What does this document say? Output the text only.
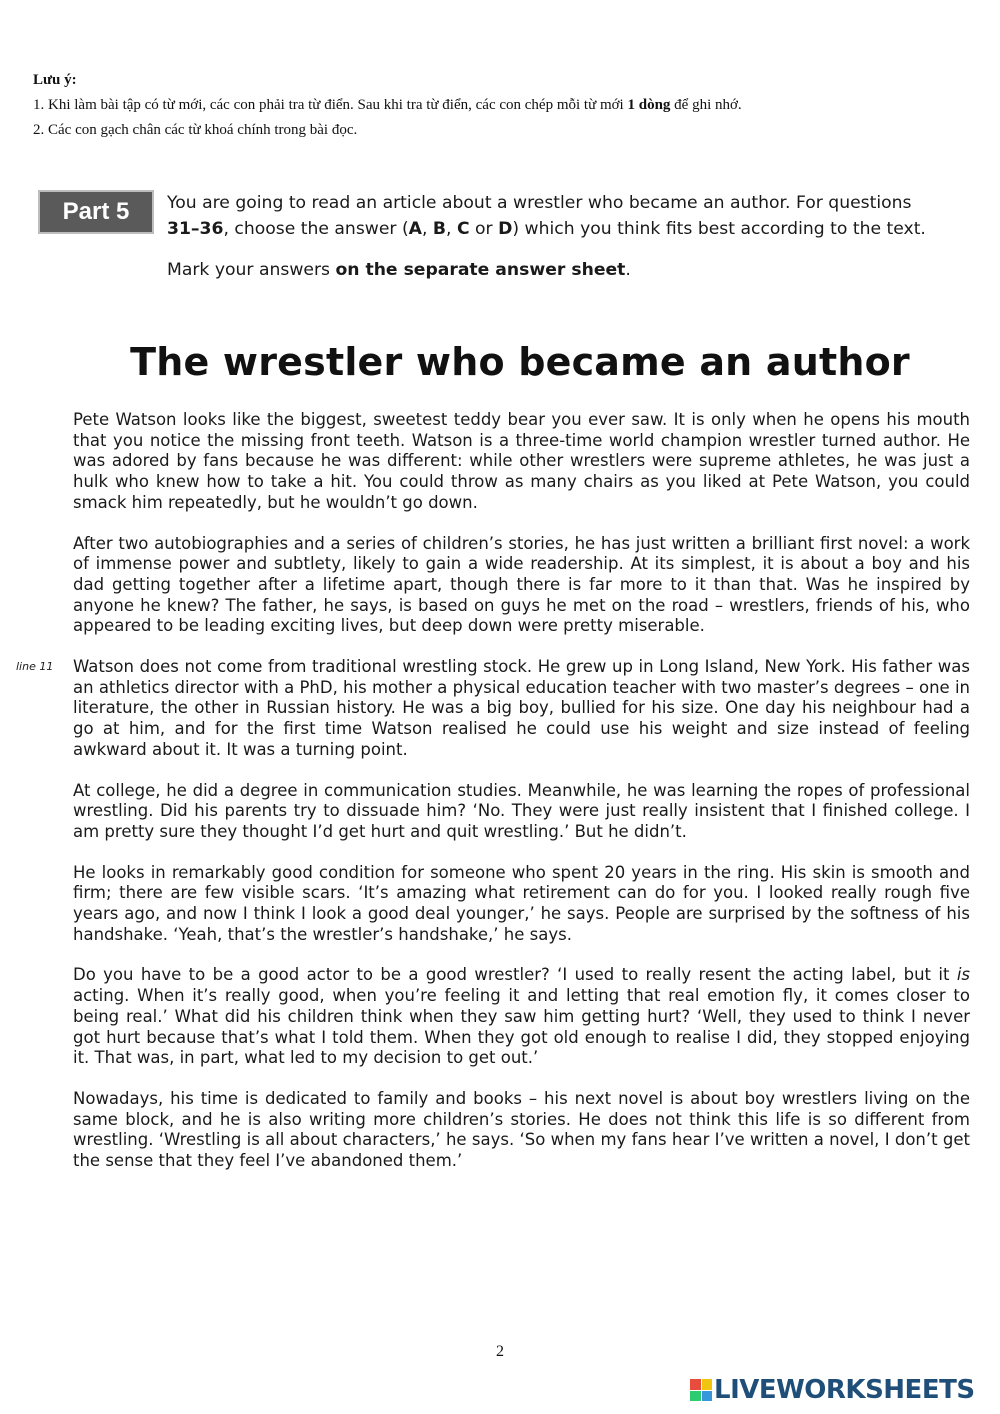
Lưu ý:
1. Khi làm bài tập có từ mới, các con phải tra từ điển. Sau khi tra từ điển, các con chép mỗi từ mới 1 dòng để ghi nhớ.
2. Các con gạch chân các từ khoá chính trong bài đọc.
Part 5	You are going to read an article about a wrestler who became an author. For questions 31–36, choose the answer (A, B, C or D) which you think fits best according to the text.

Mark your answers on the separate answer sheet.

The wrestler who became an author

Pete Watson looks like the biggest, sweetest teddy bear you ever saw. It is only when he opens his mouth that you notice the missing front teeth. Watson is a three-time world champion wrestler turned author. He was adored by fans because he was different: while other wrestlers were supreme athletes, he was just a hulk who knew how to take a hit. You could throw as many chairs as you liked at Pete Watson, you could smack him repeatedly, but he wouldn’t go down.

After two autobiographies and a series of children’s stories, he has just written a brilliant first novel: a work of immense power and subtlety, likely to gain a wide readership. At its simplest, it is about a boy and his dad getting together after a lifetime apart, though there is far more to it than that. Was he inspired by anyone he knew? The father, he says, is based on guys he met on the road – wrestlers, friends of his, who appeared to be leading exciting lives, but deep down were pretty miserable.

line 11 Watson does not come from traditional wrestling stock. He grew up in Long Island, New York. His father was an athletics director with a PhD, his mother a physical education teacher with two master’s degrees – one in literature, the other in Russian history. He was a big boy, bullied for his size. One day his neighbour had a go at him, and for the first time Watson realised he could use his weight and size instead of feeling awkward about it. It was a turning point.

At college, he did a degree in communication studies. Meanwhile, he was learning the ropes of professional wrestling. Did his parents try to dissuade him? ‘No. They were just really insistent that I finished college. I am pretty sure they thought I’d get hurt and quit wrestling.’ But he didn’t.

He looks in remarkably good condition for someone who spent 20 years in the ring. His skin is smooth and firm; there are few visible scars. ‘It’s amazing what retirement can do for you. I looked really rough five years ago, and now I think I look a good deal younger,’ he says. People are surprised by the softness of his handshake. ‘Yeah, that’s the wrestler’s handshake,’ he says.

Do you have to be a good actor to be a good wrestler? ‘I used to really resent the acting label, but it is acting. When it’s really good, when you’re feeling it and letting that real emotion fly, it comes closer to being real.’ What did his children think when they saw him getting hurt? ‘Well, they used to think I never got hurt because that’s what I told them. When they got old enough to realise I did, they stopped enjoying it. That was, in part, what led to my decision to get out.’

Nowadays, his time is dedicated to family and books – his next novel is about boy wrestlers living on the same block, and he is also writing more children’s stories. He does not think this life is so different from wrestling. ‘Wrestling is all about characters,’ he says. ‘So when my fans hear I’ve written a novel, I don’t get the sense that they feel I’ve abandoned them.’

2
LIVEWORKSHEETS
